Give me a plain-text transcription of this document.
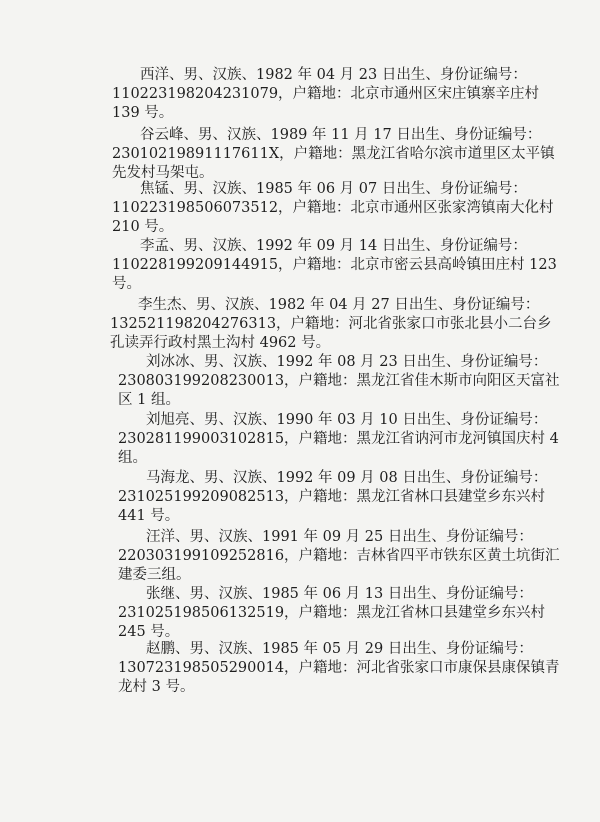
西洋、男、汉族、1982 年 04 月 23 日出生、身份证编号：
110223198204231079，户籍地：北京市通州区宋庄镇寨辛庄村
139 号。
谷云峰、男、汉族、1989 年 11 月 17 日出生、身份证编号：
23010219891117611X，户籍地：黑龙江省哈尔滨市道里区太平镇
先发村马架屯。
焦锰、男、汉族、1985 年 06 月 07 日出生、身份证编号：
110223198506073512，户籍地：北京市通州区张家湾镇南大化村
210 号。
李孟、男、汉族、1992 年 09 月 14 日出生、身份证编号：
110228199209144915，户籍地：北京市密云县高岭镇田庄村 123
号。
李生杰、男、汉族、1982 年 04 月 27 日出生、身份证编号：
132521198204276313，户籍地：河北省张家口市张北县小二台乡
孔读弄行政村黑土沟村 4962 号。
刘冰冰、男、汉族、1992 年 08 月 23 日出生、身份证编号：
230803199208230013，户籍地：黑龙江省佳木斯市向阳区天富社
区 1 组。
刘旭亮、男、汉族、1990 年 03 月 10 日出生、身份证编号：
230281199003102815，户籍地：黑龙江省讷河市龙河镇国庆村 4
组。
马海龙、男、汉族、1992 年 09 月 08 日出生、身份证编号：
231025199209082513，户籍地：黑龙江省林口县建堂乡东兴村
441 号。
汪洋、男、汉族、1991 年 09 月 25 日出生、身份证编号：
220303199109252816，户籍地：吉林省四平市铁东区黄土坑街汇
建委三组。
张继、男、汉族、1985 年 06 月 13 日出生、身份证编号：
231025198506132519，户籍地：黑龙江省林口县建堂乡东兴村
245 号。
赵鹏、男、汉族、1985 年 05 月 29 日出生、身份证编号：
130723198505290014，户籍地：河北省张家口市康保县康保镇青
龙村 3 号。
